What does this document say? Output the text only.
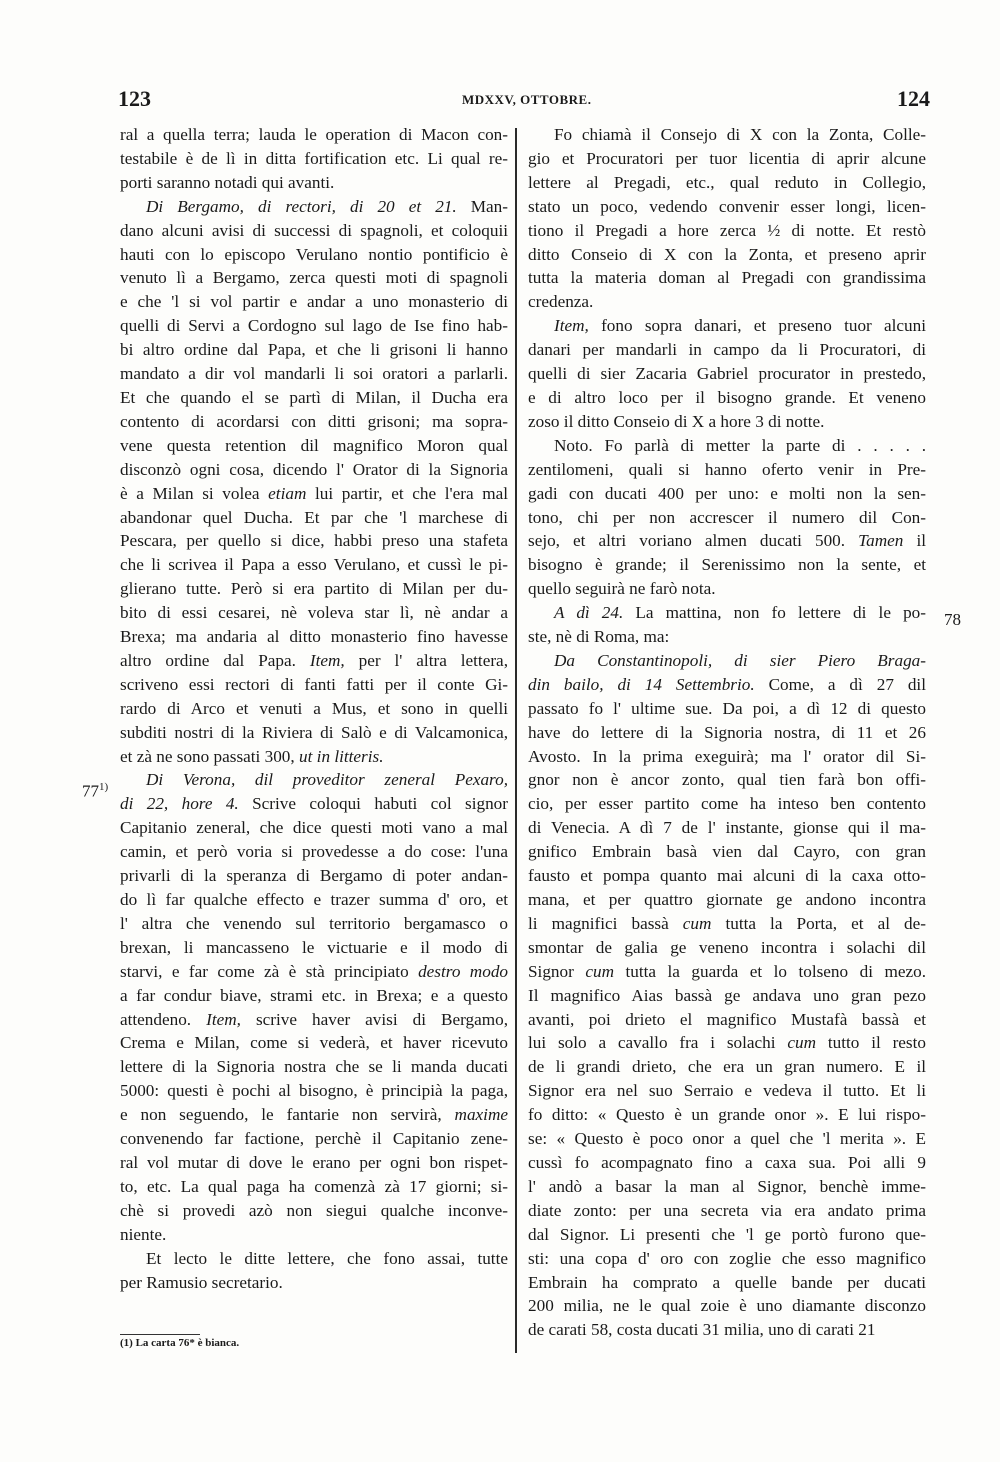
123	MDXXV, OTTOBRE.	124
77$^{1)}$
78

ral a quella terra; lauda le operation di Macon con-

testabile è de lì in ditta fortification etc. Li qual re-

porti saranno notadi qui avanti.

Di Bergamo, di rectori, di 20 et 21. Man-

dano alcuni avisi di successi di spagnoli, et coloquii

hauti con lo episcopo Verulano nontio pontificio è

venuto lì a Bergamo, zerca questi moti di spagnoli

e che 'l si vol partir e andar a uno monasterio di

quelli di Servi a Cordogno sul lago de Ise fino hab-

bi altro ordine dal Papa, et che li grisoni li hanno

mandato a dir vol mandarli li soi oratori a parlarli.

Et che quando el se partì di Milan, il Ducha era

contento di acordarsi con ditti grisoni; ma sopra-

vene questa retention dil magnifico Moron qual

disconzò ogni cosa, dicendo l' Orator di la Signoria

è a Milan si volea etiam lui partir, et che l'era mal

abandonar quel Ducha. Et par che 'l marchese di

Pescara, per quello si dice, habbi preso una stafeta

che li scrivea il Papa a esso Verulano, et cussì le pi-

glierano tutte. Però si era partito di Milan per du-

bito di essi cesarei, nè voleva star lì, nè andar a

Brexa; ma andaria al ditto monasterio fino havesse

altro ordine dal Papa. Item, per l' altra lettera,

scriveno essi rectori di fanti fatti per il conte Gi-

rardo di Arco et venuti a Mus, et sono in quelli

subditi nostri di la Riviera di Salò e di Valcamonica,

et zà ne sono passati 300, ut in litteris.

Di Verona, dil proveditor zeneral Pexaro,

di 22, hore 4. Scrive coloqui habuti col signor

Capitanio zeneral, che dice questi moti vano a mal

camin, et però voria si provedesse a do cose: l'una

privarli di la speranza di Bergamo di poter andan-

do lì far qualche effecto e trazer summa d' oro, et

l' altra che venendo sul territorio bergamasco o

brexan, li mancasseno le victuarie e il modo di

starvi, e far come zà è stà principiato destro modo

a far condur biave, strami etc. in Brexa; e a questo

attendeno. Item, scrive haver avisi di Bergamo,

Crema e Milan, come si vederà, et haver ricevuto

lettere di la Signoria nostra che se li manda ducati

5000: questi è pochi al bisogno, è principià la paga,

e non seguendo, le fantarie non servirà, maxime

convenendo far factione, perchè il Capitanio zene-

ral vol mutar di dove le erano per ogni bon rispet-

to, etc. La qual paga ha comenzà zà 17 giorni; si-

chè si provedi azò non siegui qualche inconve-

niente.

Et lecto le ditte lettere, che fono assai, tutte

per Ramusio secretario.

Fo chiamà il Consejo di X con la Zonta, Colle-

gio et Procuratori per tuor licentia di aprir alcune

lettere al Pregadi, etc., qual reduto in Collegio,

stato un poco, vedendo convenir esser longi, licen-

tiono il Pregadi a hore zerca ½ di notte. Et restò

ditto Conseio di X con la Zonta, et preseno aprir

tutta la materia doman al Pregadi con grandissima

credenza.

Item, fono sopra danari, et preseno tuor alcuni

danari per mandarli in campo da li Procuratori, di

quelli di sier Zacaria Gabriel procurator in prestedo,

e di altro loco per il bisogno grande. Et veneno

zoso il ditto Conseio di X a hore 3 di notte.

Noto. Fo parlà di metter la parte di . . . . .

zentilomeni, quali si hanno oferto venir in Pre-

gadi con ducati 400 per uno: e molti non la sen-

tono, chi per non accrescer il numero dil Con-

sejo, et altri voriano almen ducati 500. Tamen il

bisogno è grande; il Serenissimo non la sente, et

quello seguirà ne farò nota.

A dì 24. La mattina, non fo lettere di le po-

ste, nè di Roma, ma:

Da Constantinopoli, di sier Piero Braga-

din bailo, di 14 Settembrio. Come, a dì 27 dil

passato fo l' ultime sue. Da poi, a dì 12 di questo

have do lettere di la Signoria nostra, di 11 et 26

Avosto. In la prima exeguirà; ma l' orator dil Si-

gnor non è ancor zonto, qual tien farà bon offi-

cio, per esser partito come ha inteso ben contento

di Venecia. A dì 7 de l' instante, gionse qui il ma-

gnifico Embrain basà vien dal Cayro, con gran

fausto et pompa quanto mai alcuni di la caxa otto-

mana, et per quattro giornate ge andono incontra

li magnifici bassà cum tutta la Porta, et al de-

smontar de galia ge veneno incontra i solachi dil

Signor cum tutta la guarda et lo tolseno di mezo.

Il magnifico Aias bassà ge andava uno gran pezo

avanti, poi drieto el magnifico Mustafà bassà et

lui solo a cavallo fra i solachi cum tutto il resto

de li grandi drieto, che era un gran numero. E il

Signor era nel suo Serraio e vedeva il tutto. Et li

fo ditto: « Questo è un grande onor ». E lui rispo-

se: « Questo è poco onor a quel che 'l merita ». E

cussì fo acompagnato fino a caxa sua. Poi alli 9

l' andò a basar la man al Signor, benchè imme-

diate zonto: per una secreta via era andato prima

dal Signor. Li presenti che 'l ge portò furono que-

sti: una copa d' oro con zoglie che esso magnifico

Embrain ha comprato a quelle bande per ducati

200 milia, ne le qual zoie è uno diamante disconzo

de carati 58, costa ducati 31 milia, uno di carati 21

(1) La carta 76* è bianca.
